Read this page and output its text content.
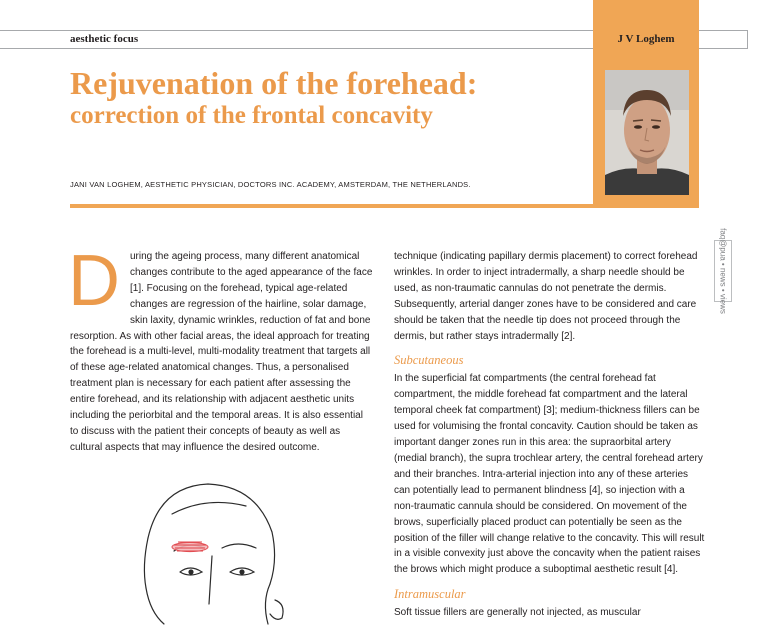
aesthetic focus	J V Loghem
Rejuvenation of the forehead:
correction of the frontal concavity
JANI VAN LOGHEM, AESTHETIC PHYSICIAN, DOCTORS INC. ACADEMY, AMSTERDAM, THE NETHERLANDS.
D	uring the ageing process, many different anatomical changes contribute to the aged appearance of the face [1]. Focusing on the forehead, typical age-related changes are regression of the hairline, solar damage, skin laxity, dynamic wrinkles, reduction of fat and bone resorption. As with other facial areas, the ideal approach for treating the forehead is a multi-level, multi-modality treatment that targets all of these age-related anatomical changes. Thus, a personalised treatment plan is necessary for each patient after assessing the entire forehead, and its relationship with adjacent aesthetic units including the periorbital and the temporal areas. It is also essential to discuss with the patient their concepts of beauty as well as cultural aspects that may influence the desired outcome.

technique (indicating papillary dermis placement) to correct forehead wrinkles. In order to inject intradermally, a sharp needle should be used, as non-traumatic cannulas do not penetrate the dermis. Subsequently, arterial danger zones have to be considered and care should be taken that the needle tip does not proceed through the dermis, but rather stays intradermally [2].

Subcutaneous

In the superficial fat compartments (the central forehead fat compartment, the middle forehead fat compartment and the lateral temporal cheek fat compartment) [3]; medium-thickness fillers can be used for volumising the frontal concavity. Caution should be taken as important danger zones run in this area: the supraorbital artery (medial branch), the supra trochlear artery, the central forehead artery and their branches. Intra-arterial injection into any of these arteries can potentially lead to permanent blindness [4], so injection with a non-traumatic cannula should be considered. On movement of the brows, superficially placed product can potentially be seen as the position of the filler will change relative to the concavity. This will result in a visible convexity just above the concavity when the patient raises the brows which might produce a suboptimal aesthetic result [4].

Intramuscular

Soft tissue fillers are generally not injected, as muscular

faq@pua • news • views
